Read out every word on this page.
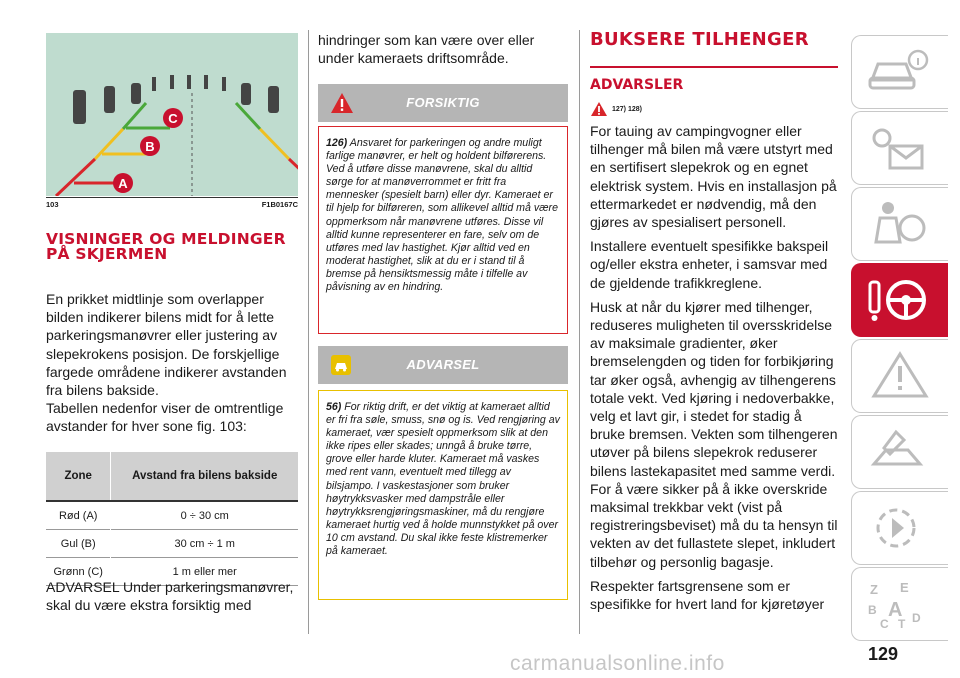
C
B
A
103	F1B0167C
VISNINGER OG MELDINGER PÅ SKJERMEN
En prikket midtlinje som overlapper bilden indikerer bilens midt for å lette parkeringsmanøvrer eller justering av slepekrokens posisjon. De forskjellige fargede områdene indikerer avstanden fra bilens bakside.
Tabellen nedenfor viser de omtrentlige avstander for hver sone fig. 103:
Zone	Avstand fra bilens bakside
Rød (A)	0 ÷ 30 cm
Gul (B)	30 cm ÷ 1 m
Grønn (C)	1 m eller mer
ADVARSEL Under parkeringsmanøvrer, skal du være ekstra forsiktig med
hindringer som kan være over eller under kameraets driftsområde.
FORSIKTIG
126) Ansvaret for parkeringen og andre muligt farlige manøvrer, er helt og holdent bilførerens. Ved å utføre disse manøvrene, skal du alltid sørge for at manøverrommet er fritt fra mennesker (spesielt barn) eller dyr. Kameraet er til hjelp for bilføreren, som allikevel alltid må være oppmerksom når manøvrene utføres. Disse vil alltid kunne representerer en fare, selv om de utføres med lav hastighet. Kjør alltid ved en moderat hastighet, slik at du er i stand til å bremse på hensiktsmessig måte i tilfelle av påvisning av en hindring.
ADVARSEL
56) For riktig drift, er det viktig at kameraet alltid er fri fra søle, smuss, snø og is. Ved rengjøring av kameraet, vær spesielt oppmerksom slik at den ikke ripes eller skades; unngå å bruke tørre, grove eller harde kluter. Kameraet må vaskes med rent vann, eventuelt med tillegg av bilsjampo. I vaskestasjoner som bruker høytrykksvasker med dampstråle eller høytrykksrengjøringsmaskiner, må du rengjøre kameraet hurtig ved å holde munnstykket på over 10 cm avstand. Du skal ikke feste klistremerker på kameraet.
BUKSERE TILHENGER
ADVARSLER
127) 128)

For tauing av campingvogner eller tilhenger må bilen må være utstyrt med en sertifisert slepekrok og en egnet elektrisk system. Hvis en installasjon på ettermarkedet er nødvendig, må den gjøres av spesialisert personell.

Installere eventuelt spesifikke bakspeil og/eller ekstra enheter, i samsvar med de gjeldende trafikkreglene.

Husk at når du kjører med tilhenger, reduseres muligheten til oversskridelse av maksimale gradienter, øker bremselengden og tiden for forbikjøring tar øker også, avhengig av tilhengerens totale vekt. Ved kjøring i nedoverbakke, velg et lavt gir, i stedet for stadig å bruke bremsen. Vekten som tilhengeren utøver på bilens slepekrok reduserer bilens lastekapasitet med samme verdi. For å være sikker på å ikke overskride maksimal trekkbar vekt (vist på registreringsbeviset) må du ta hensyn til vekten av det fullastete slepet, inkludert tilbehør og personlig bagasje.

Respekter fartsgrensene som er spesifikke for hvert land for kjøretøyer

Z E
B A D
C T
carmanualsonline.info	129
